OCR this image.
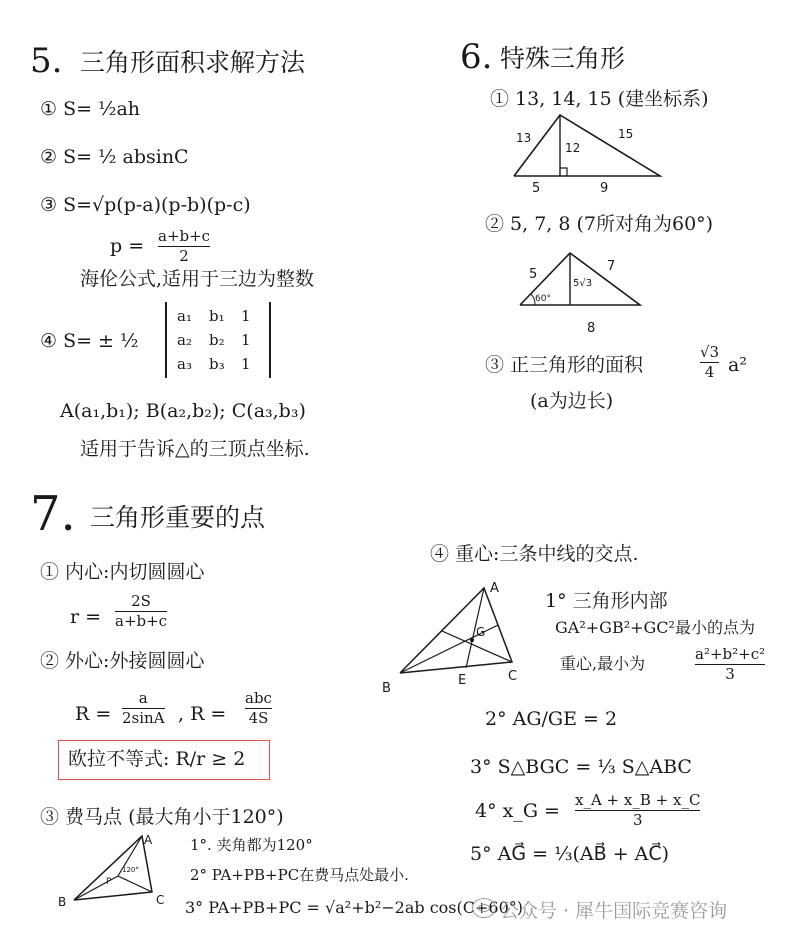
5. 三角形面积求解方法
① S= ½ah
② S= ½ absinC
③ S=√p(p-a)(p-b)(p-c)
p = a+b+c
2
海伦公式,适用于三边为整数
④ S= ± ½
a₁ b₁ 1
a₂ b₂ 1
a₃ b₃ 1
A(a₁,b₁); B(a₂,b₂); C(a₃,b₃)
适用于告诉△的三顶点坐标.
6. 特殊三角形
① 13, 14, 15 (建坐标系)
13	15
12
5	9
② 5, 7, 8 (7所对角为60°)
5
7
5√3
60°
8
③ 正三角形的面积
√3
4 a²
(a为边长)
7. 三角形重要的点
① 内心:内切圆圆心
r =
2S
a+b+c
② 外心:外接圆圆心
R =
a
2sinA , R =
abc
4S
欧拉不等式: R/r ≥ 2
③ 费马点 (最大角小于120°)
A
B	C
P
120°
1°. 夹角都为120°
2° PA+PB+PC在费马点处最小.
3° PA+PB+PC = √a²+b²−2ab cos(C+60°)
④ 重心:三条中线的交点.
A
B
C
G
E
1° 三角形内部
GA²+GB²+GC²最小的点为
重心,最小为	a²+b²+c²
3
2° AG/GE = 2
3° S△BGC = ⅓ S△ABC
4° x_G = x_A + x_B + x_C
3
5° AG⃗ = ⅓(AB⃗ + AC⃗)
公众号 · 犀牛国际竞赛咨询
